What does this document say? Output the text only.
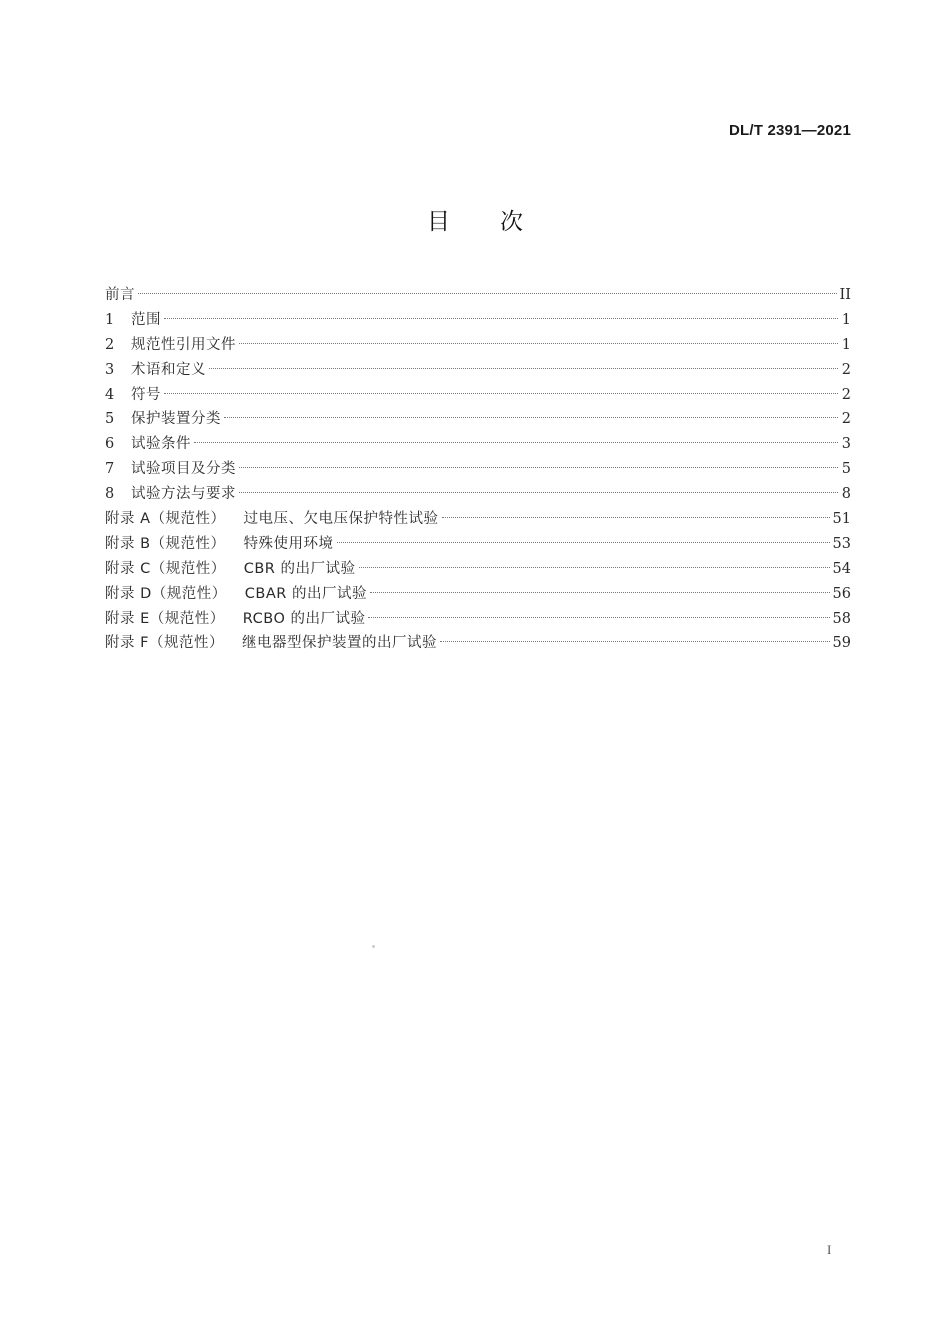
DL/T 2391—2021
目 次
前言	II
1	范围	1
2	规范性引用文件	1
3	术语和定义	2
4	符号	2
5	保护装置分类	2
6	试验条件	3
7	试验项目及分类	5
8	试验方法与要求	8
附录 A（规范性） 过电压、欠电压保护特性试验	51
附录 B（规范性） 特殊使用环境	53
附录 C（规范性） CBR 的出厂试验	54
附录 D（规范性） CBAR 的出厂试验	56
附录 E（规范性） RCBO 的出厂试验	58
附录 F（规范性） 继电器型保护装置的出厂试验	59
I
